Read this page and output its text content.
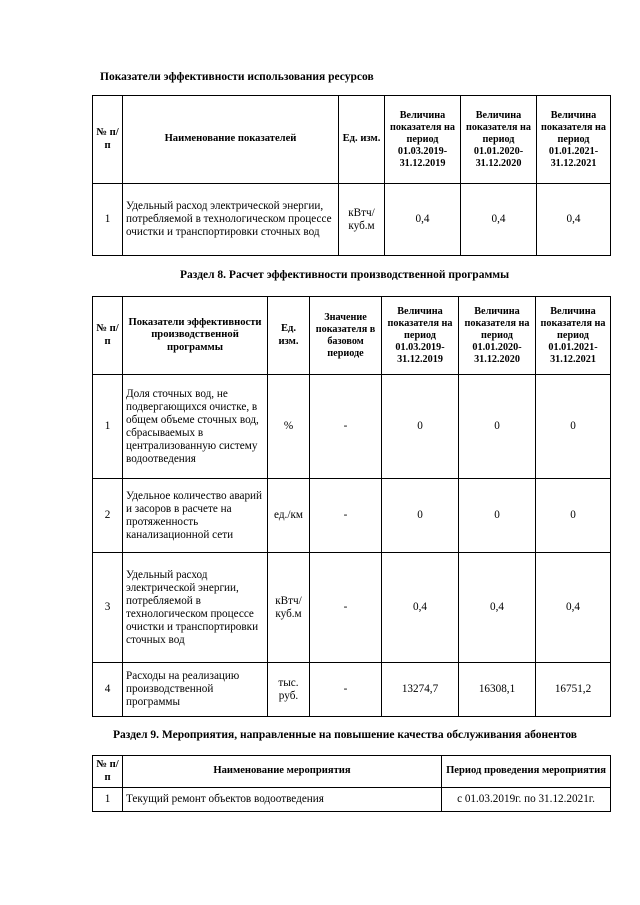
Показатели эффективности использования ресурсов
№ п/п	Наименование показателей	Ед. изм.	Величина показателя на период 01.03.2019-31.12.2019	Величина показателя на период 01.01.2020-31.12.2020	Величина показателя на период 01.01.2021-31.12.2021
1	Удельный расход электрической энергии, потребляемой в технологическом процессе очистки и транспортировки сточных вод	кВтч/ куб.м	0,4	0,4	0,4
Раздел 8. Расчет эффективности производственной программы
№ п/п	Показатели эффективности производственной программы	Ед. изм.	Значение показателя в базовом периоде	Величина показателя на период 01.03.2019-31.12.2019	Величина показателя на период 01.01.2020-31.12.2020	Величина показателя на период 01.01.2021-31.12.2021
1	Доля сточных вод, не подвергающихся очистке, в общем объеме сточных вод, сбрасываемых в централизованную систему водоотведения	%	-	0	0	0
2	Удельное количество аварий и засоров в расчете на протяженность канализационной сети	ед./км	-	0	0	0
3	Удельный расход электрической энергии, потребляемой в технологическом процессе очистки и транспортировки сточных вод	кВтч/ куб.м	-	0,4	0,4	0,4
4	Расходы на реализацию производственной программы	тыс. руб.	-	13274,7	16308,1	16751,2
Раздел 9. Мероприятия, направленные на повышение качества обслуживания абонентов
№ п/п	Наименование мероприятия	Период проведения мероприятия
1	Текущий ремонт объектов водоотведения	с 01.03.2019г. по 31.12.2021г.
